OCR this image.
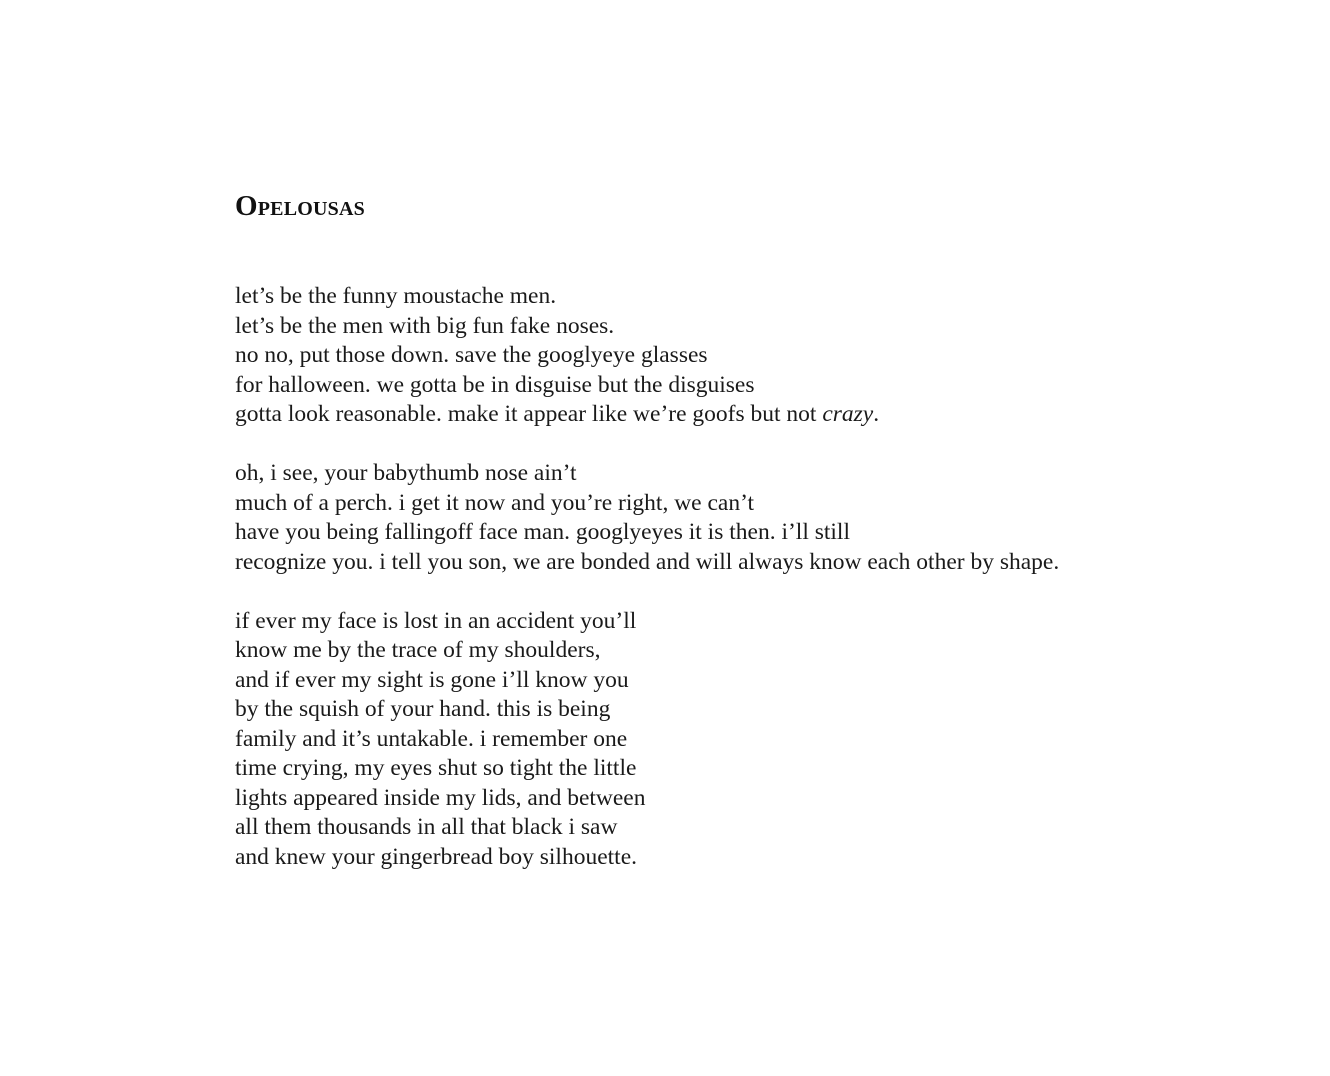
Opelousas

let’s be the funny moustache men.
let’s be the men with big fun fake noses.
no no, put those down. save the googlyeye glasses
for halloween. we gotta be in disguise but the disguises
gotta look reasonable. make it appear like we’re goofs but not crazy.

oh, i see, your babythumb nose ain’t
much of a perch. i get it now and you’re right, we can’t
have you being fallingoff face man. googlyeyes it is then. i’ll still
recognize you. i tell you son, we are bonded and will always know each other by shape.

if ever my face is lost in an accident you’ll
know me by the trace of my shoulders,
and if ever my sight is gone i’ll know you
by the squish of your hand. this is being
family and it’s untakable. i remember one
time crying, my eyes shut so tight the little
lights appeared inside my lids, and between
all them thousands in all that black i saw
and knew your gingerbread boy silhouette.
